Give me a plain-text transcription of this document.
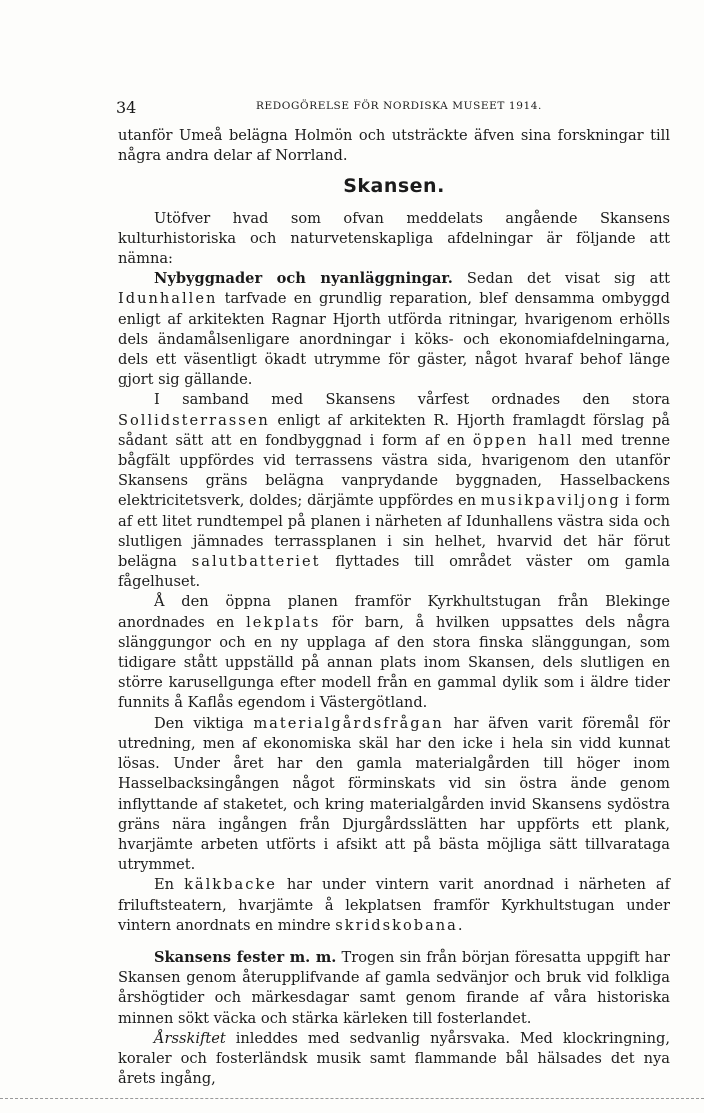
34	REDOGÖRELSE FÖR NORDISKA MUSEET 1914.

utanför Umeå belägna Holmön och utsträckte äfven sina forskningar till några andra delar af Norrland.

Skansen.

Utöfver hvad som ofvan meddelats angående Skansens kulturhistoriska och naturvetenskapliga afdelningar är följande att nämna:

Nybyggnader och nyanläggningar. Sedan det visat sig att Idunhallen tarfvade en grundlig reparation, blef densamma ombyggd enligt af arkitekten Ragnar Hjorth utförda ritningar, hvarigenom erhölls dels ändamålsenligare anordningar i köks- och ekonomiafdelningarna, dels ett väsentligt ökadt utrymme för gäster, något hvaraf behof länge gjort sig gällande.

I samband med Skansens vårfest ordnades den stora Sollidsterrassen enligt af arkitekten R. Hjorth framlagdt förslag på sådant sätt att en fondbyggnad i form af en öppen hall med trenne bågfält uppfördes vid terrassens västra sida, hvarigenom den utanför Skansens gräns belägna vanprydande byggnaden, Hasselbackens elektricitetsverk, doldes; därjämte uppfördes en musikpaviljong i form af ett litet rundtempel på planen i närheten af Idunhallens västra sida och slutligen jämnades terrassplanen i sin helhet, hvarvid det här förut belägna salutbatteriet flyttades till området väster om gamla fågelhuset.

Å den öppna planen framför Kyrkhultstugan från Blekinge anordnades en lekplats för barn, å hvilken uppsattes dels några slänggungor och en ny upplaga af den stora finska slänggungan, som tidigare stått uppställd på annan plats inom Skansen, dels slutligen en större karusellgunga efter modell från en gammal dylik som i äldre tider funnits å Kaflås egendom i Västergötland.

Den viktiga materialgårdsfrågan har äfven varit föremål för utredning, men af ekonomiska skäl har den icke i hela sin vidd kunnat lösas. Under året har den gamla materialgården till höger inom Hasselbacksingången något förminskats vid sin östra ände genom inflyttande af staketet, och kring materialgården invid Skansens sydöstra gräns nära ingången från Djurgårdsslätten har uppförts ett plank, hvarjämte arbeten utförts i afsikt att på bästa möjliga sätt tillvarataga utrymmet.

En kälkbacke har under vintern varit anordnad i närheten af friluftsteatern, hvarjämte å lekplatsen framför Kyrkhultstugan under vintern anordnats en mindre skridskobana.

Skansens fester m. m. Trogen sin från början föresatta uppgift har Skansen genom återupplifvande af gamla sedvänjor och bruk vid folkliga årshögtider och märkesdagar samt genom firande af våra historiska minnen sökt väcka och stärka kärleken till fosterlandet.

Årsskiftet inleddes med sedvanlig nyårsvaka. Med klockringning, koraler och fosterländsk musik samt flammande bål hälsades det nya årets ingång,
